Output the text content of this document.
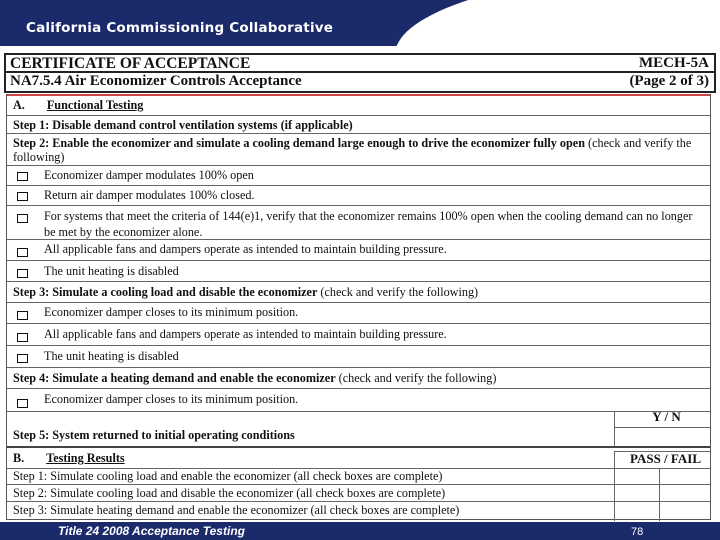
California Commissioning Collaborative
CERTIFICATE OF ACCEPTANCE	MECH-5A
NA7.5.4 Air Economizer Controls Acceptance	(Page 2 of 3)
A. Functional Testing
Step 1: Disable demand control ventilation systems (if applicable)
Step 2: Enable the economizer and simulate a cooling demand large enough to drive the economizer fully open (check and verify the following)
Economizer damper modulates 100% open
Return air damper modulates 100% closed.
For systems that meet the criteria of 144(e)1, verify that the economizer remains 100% open when the cooling demand can no longer be met by the economizer alone.
All applicable fans and dampers operate as intended to maintain building pressure.
The unit heating is disabled
Step 3: Simulate a cooling load and disable the economizer (check and verify the following)
Economizer damper closes to its minimum position.
All applicable fans and dampers operate as intended to maintain building pressure.
The unit heating is disabled
Step 4: Simulate a heating demand and enable the economizer (check and verify the following)
Economizer damper closes to its minimum position.
Y / N
Step 5: System returned to initial operating conditions
B. Testing Results	PASS / FAIL
Step 1: Simulate cooling load and enable the economizer (all check boxes are complete)
Step 2: Simulate cooling load and disable the economizer (all check boxes are complete)
Step 3: Simulate heating demand and enable the economizer (all check boxes are complete)
Title 24 2008 Acceptance Testing	78
